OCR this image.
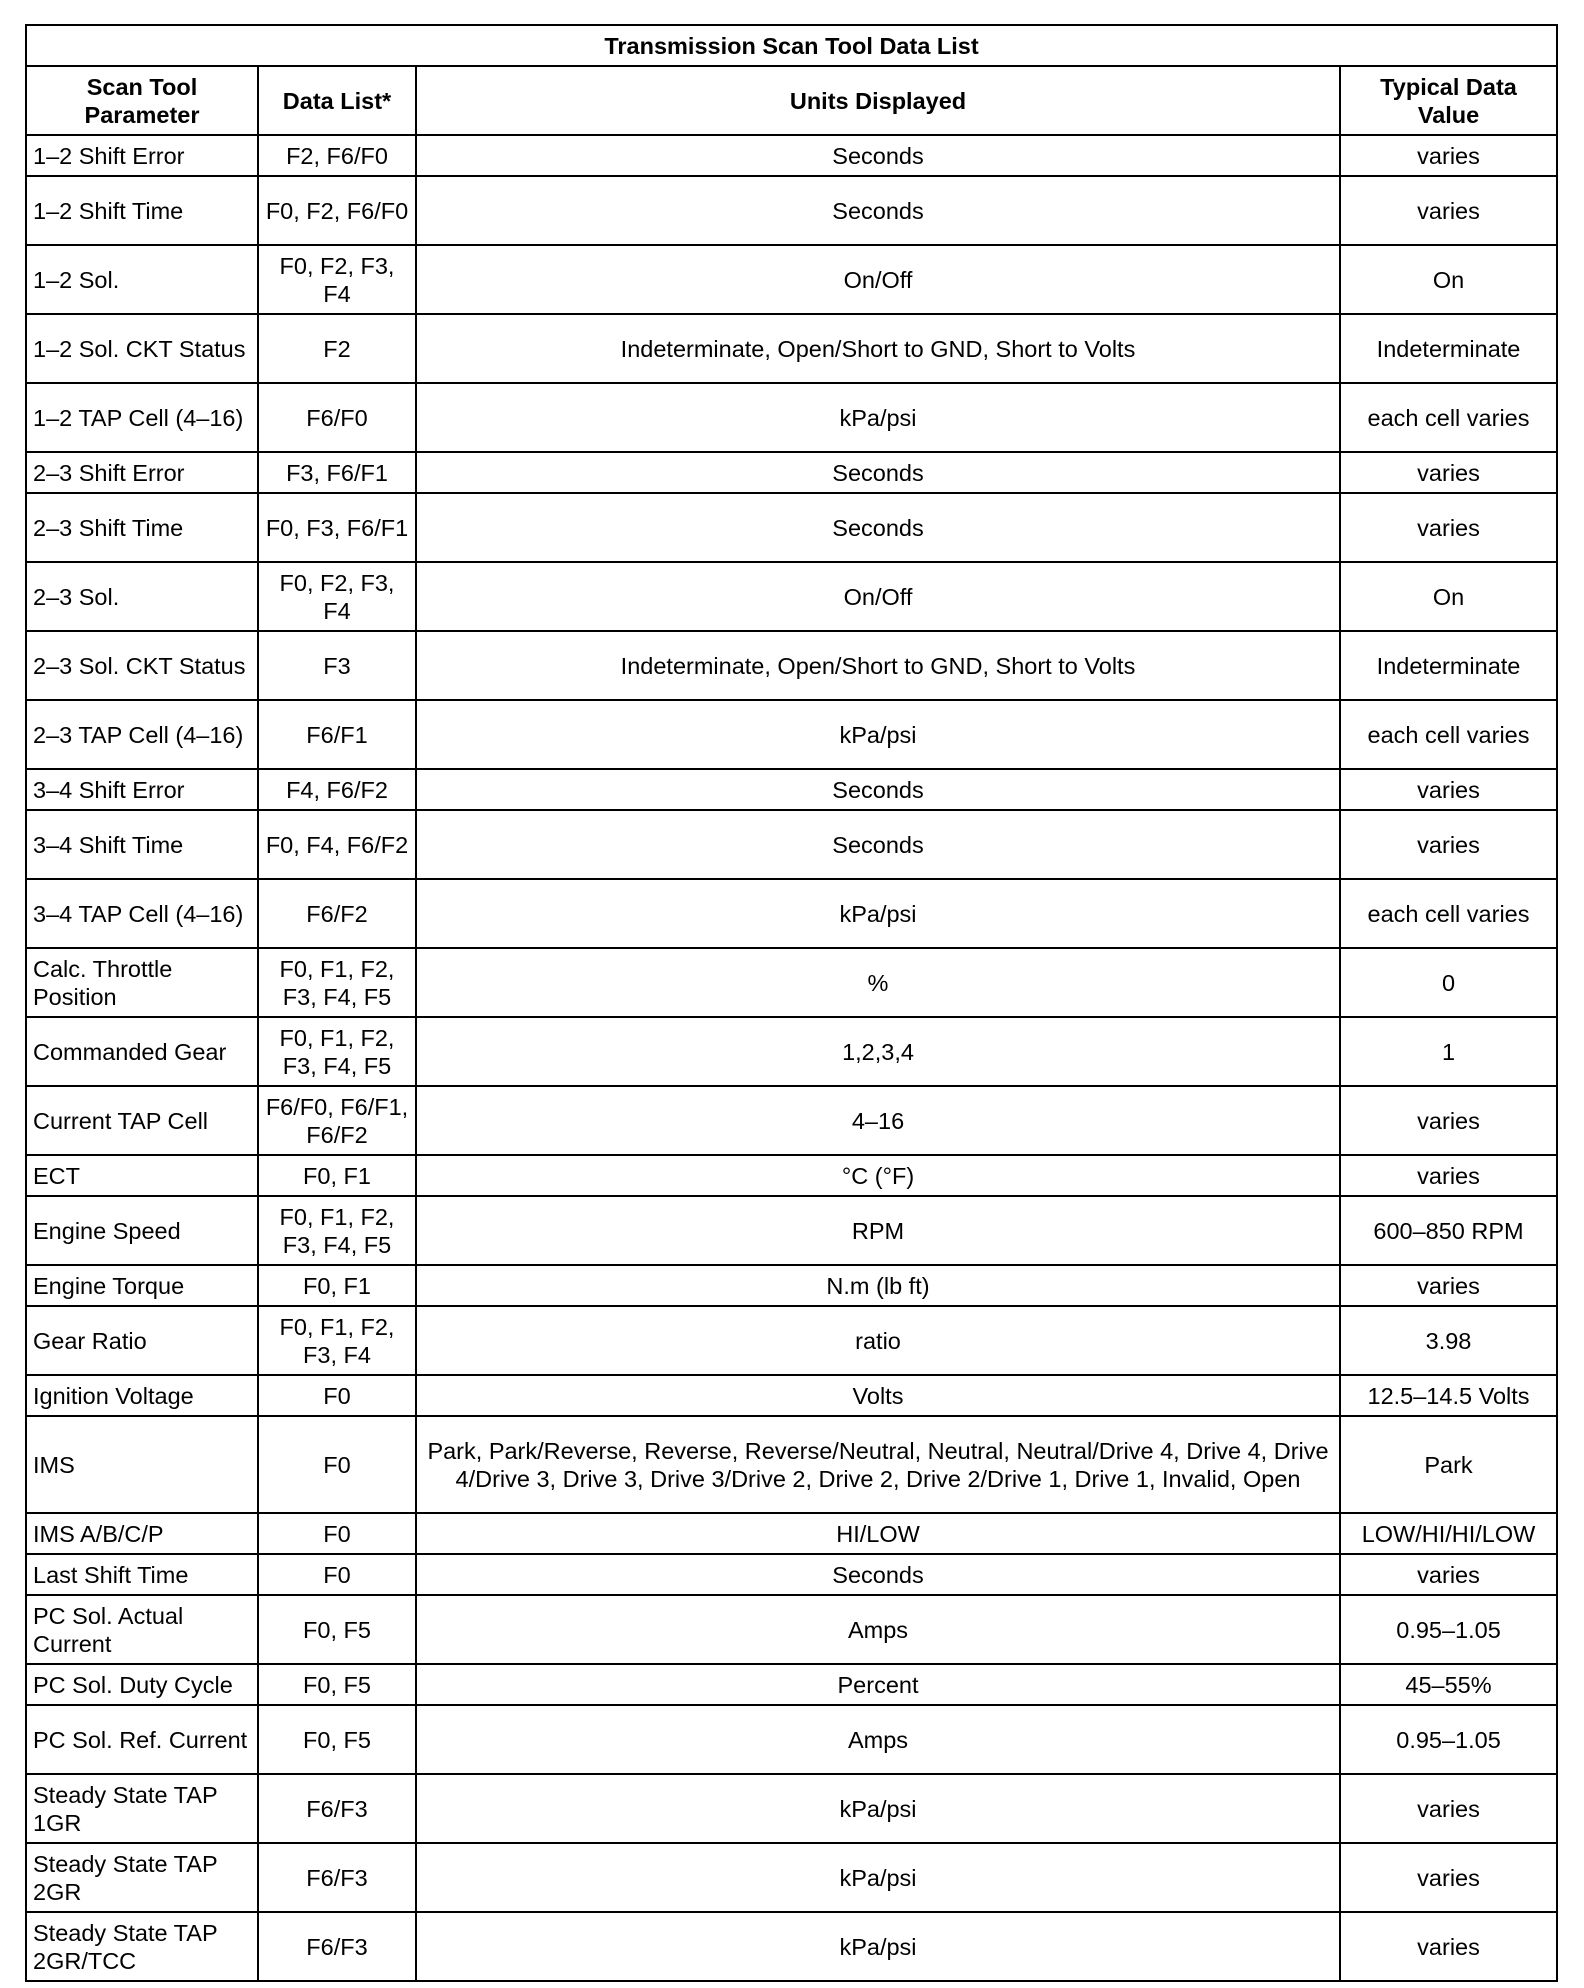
Transmission Scan Tool Data List			
Scan Tool Parameter	Data List*	Units Displayed	Typical Data Value
1–2 Shift Error	F2, F6/F0	Seconds	varies
1–2 Shift Time	F0, F2, F6/F0	Seconds	varies
1–2 Sol.	F0, F2, F3, F4	On/Off	On
1–2 Sol. CKT Status	F2	Indeterminate, Open/Short to GND, Short to Volts	Indeterminate
1–2 TAP Cell (4–16)	F6/F0	kPa/psi	each cell varies
2–3 Shift Error	F3, F6/F1	Seconds	varies
2–3 Shift Time	F0, F3, F6/F1	Seconds	varies
2–3 Sol.	F0, F2, F3, F4	On/Off	On
2–3 Sol. CKT Status	F3	Indeterminate, Open/Short to GND, Short to Volts	Indeterminate
2–3 TAP Cell (4–16)	F6/F1	kPa/psi	each cell varies
3–4 Shift Error	F4, F6/F2	Seconds	varies
3–4 Shift Time	F0, F4, F6/F2	Seconds	varies
3–4 TAP Cell (4–16)	F6/F2	kPa/psi	each cell varies
Calc. Throttle Position	F0, F1, F2, F3, F4, F5	%	0
Commanded Gear	F0, F1, F2, F3, F4, F5	1,2,3,4	1
Current TAP Cell	F6/F0, F6/F1, F6/F2	4–16	varies
ECT	F0, F1	°C (°F)	varies
Engine Speed	F0, F1, F2, F3, F4, F5	RPM	600–850 RPM
Engine Torque	F0, F1	N.m (lb ft)	varies
Gear Ratio	F0, F1, F2, F3, F4	ratio	3.98
Ignition Voltage	F0	Volts	12.5–14.5 Volts
IMS	F0	Park, Park/Reverse, Reverse, Reverse/Neutral, Neutral, Neutral/Drive 4, Drive 4, Drive 4/Drive 3, Drive 3, Drive 3/Drive 2, Drive 2, Drive 2/Drive 1, Drive 1, Invalid, Open	Park
IMS A/B/C/P	F0	HI/LOW	LOW/HI/HI/LOW
Last Shift Time	F0	Seconds	varies
PC Sol. Actual Current	F0, F5	Amps	0.95–1.05
PC Sol. Duty Cycle	F0, F5	Percent	45–55%
PC Sol. Ref. Current	F0, F5	Amps	0.95–1.05
Steady State TAP 1GR	F6/F3	kPa/psi	varies
Steady State TAP 2GR	F6/F3	kPa/psi	varies
Steady State TAP 2GR/TCC	F6/F3	kPa/psi	varies
